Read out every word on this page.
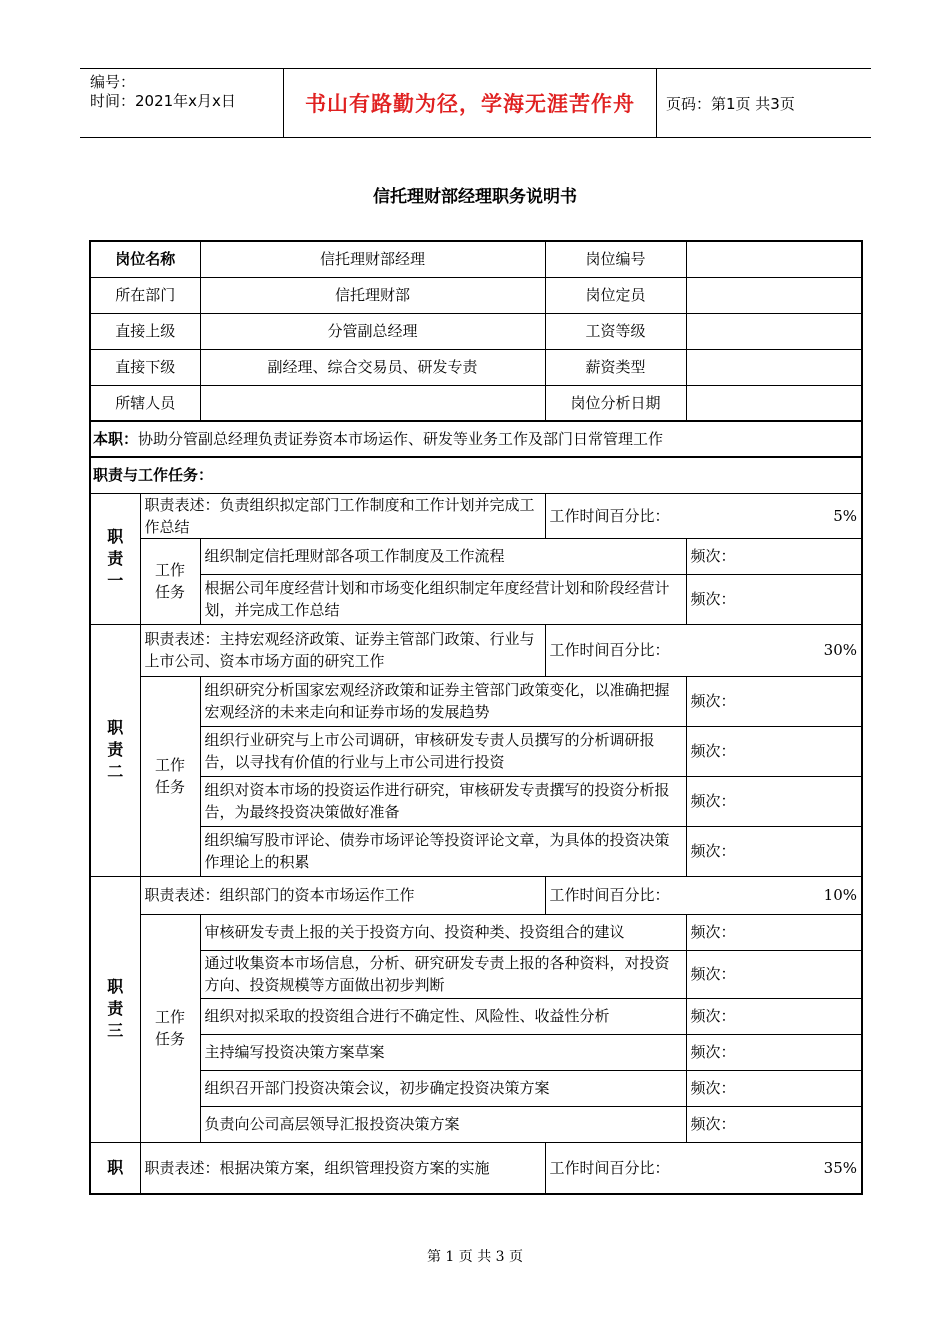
编号：
时间：2021年x月x日	书山有路勤为径，学海无涯苦作舟	页码：第1页 共3页
信托理财部经理职务说明书
岗位名称		信托理财部经理	岗位编号	
所在部门		信托理财部	岗位定员	
直接上级		分管副总经理	工资等级	
直接下级		副经理、综合交易员、研发专责	薪资类型	
所辖人员			岗位分析日期	
本职：协助分管副总经理负责证券资本市场运作、研发等业务工作及部门日常管理工作				
职责与工作任务：				
职
责
一	职责表述：负责组织拟定部门工作制度和工作计划并完成工作总结		工作时间百分比： 5%	

	工作任务	组织制定信托理财部各项工作制度及工作流程		频次：
		根据公司年度经营计划和市场变化组织制定年度经营计划和阶段经营计划，并完成工作总结		频次：
职
责
二	职责表述：主持宏观经济政策、证券主管部门政策、行业与上市公司、资本市场方面的研究工作		工作时间百分比： 30%	

	工作任务	组织研究分析国家宏观经济政策和证券主管部门政策变化，以准确把握宏观经济的未来走向和证券市场的发展趋势		频次：
		组织行业研究与上市公司调研，审核研发专责人员撰写的分析调研报告，以寻找有价值的行业与上市公司进行投资		频次：
		组织对资本市场的投资运作进行研究，审核研发专责撰写的投资分析报告，为最终投资决策做好准备		频次：
		组织编写股市评论、债券市场评论等投资评论文章，为具体的投资决策作理论上的积累		频次：
职
责
三	职责表述：组织部门的资本市场运作工作		工作时间百分比： 10%	

	工作任务	审核研发专责上报的关于投资方向、投资种类、投资组合的建议		频次：
		通过收集资本市场信息，分析、研究研发专责上报的各种资料，对投资方向、投资规模等方面做出初步判断		频次：
		组织对拟采取的投资组合进行不确定性、风险性、收益性分析		频次：
		主持编写投资决策方案草案		频次：
		组织召开部门投资决策会议，初步确定投资决策方案		频次：
		负责向公司高层领导汇报投资决策方案		频次：
职	职责表述：根据决策方案，组织管理投资方案的实施		工作时间百分比： 35%	
第 1 页 共 3 页
